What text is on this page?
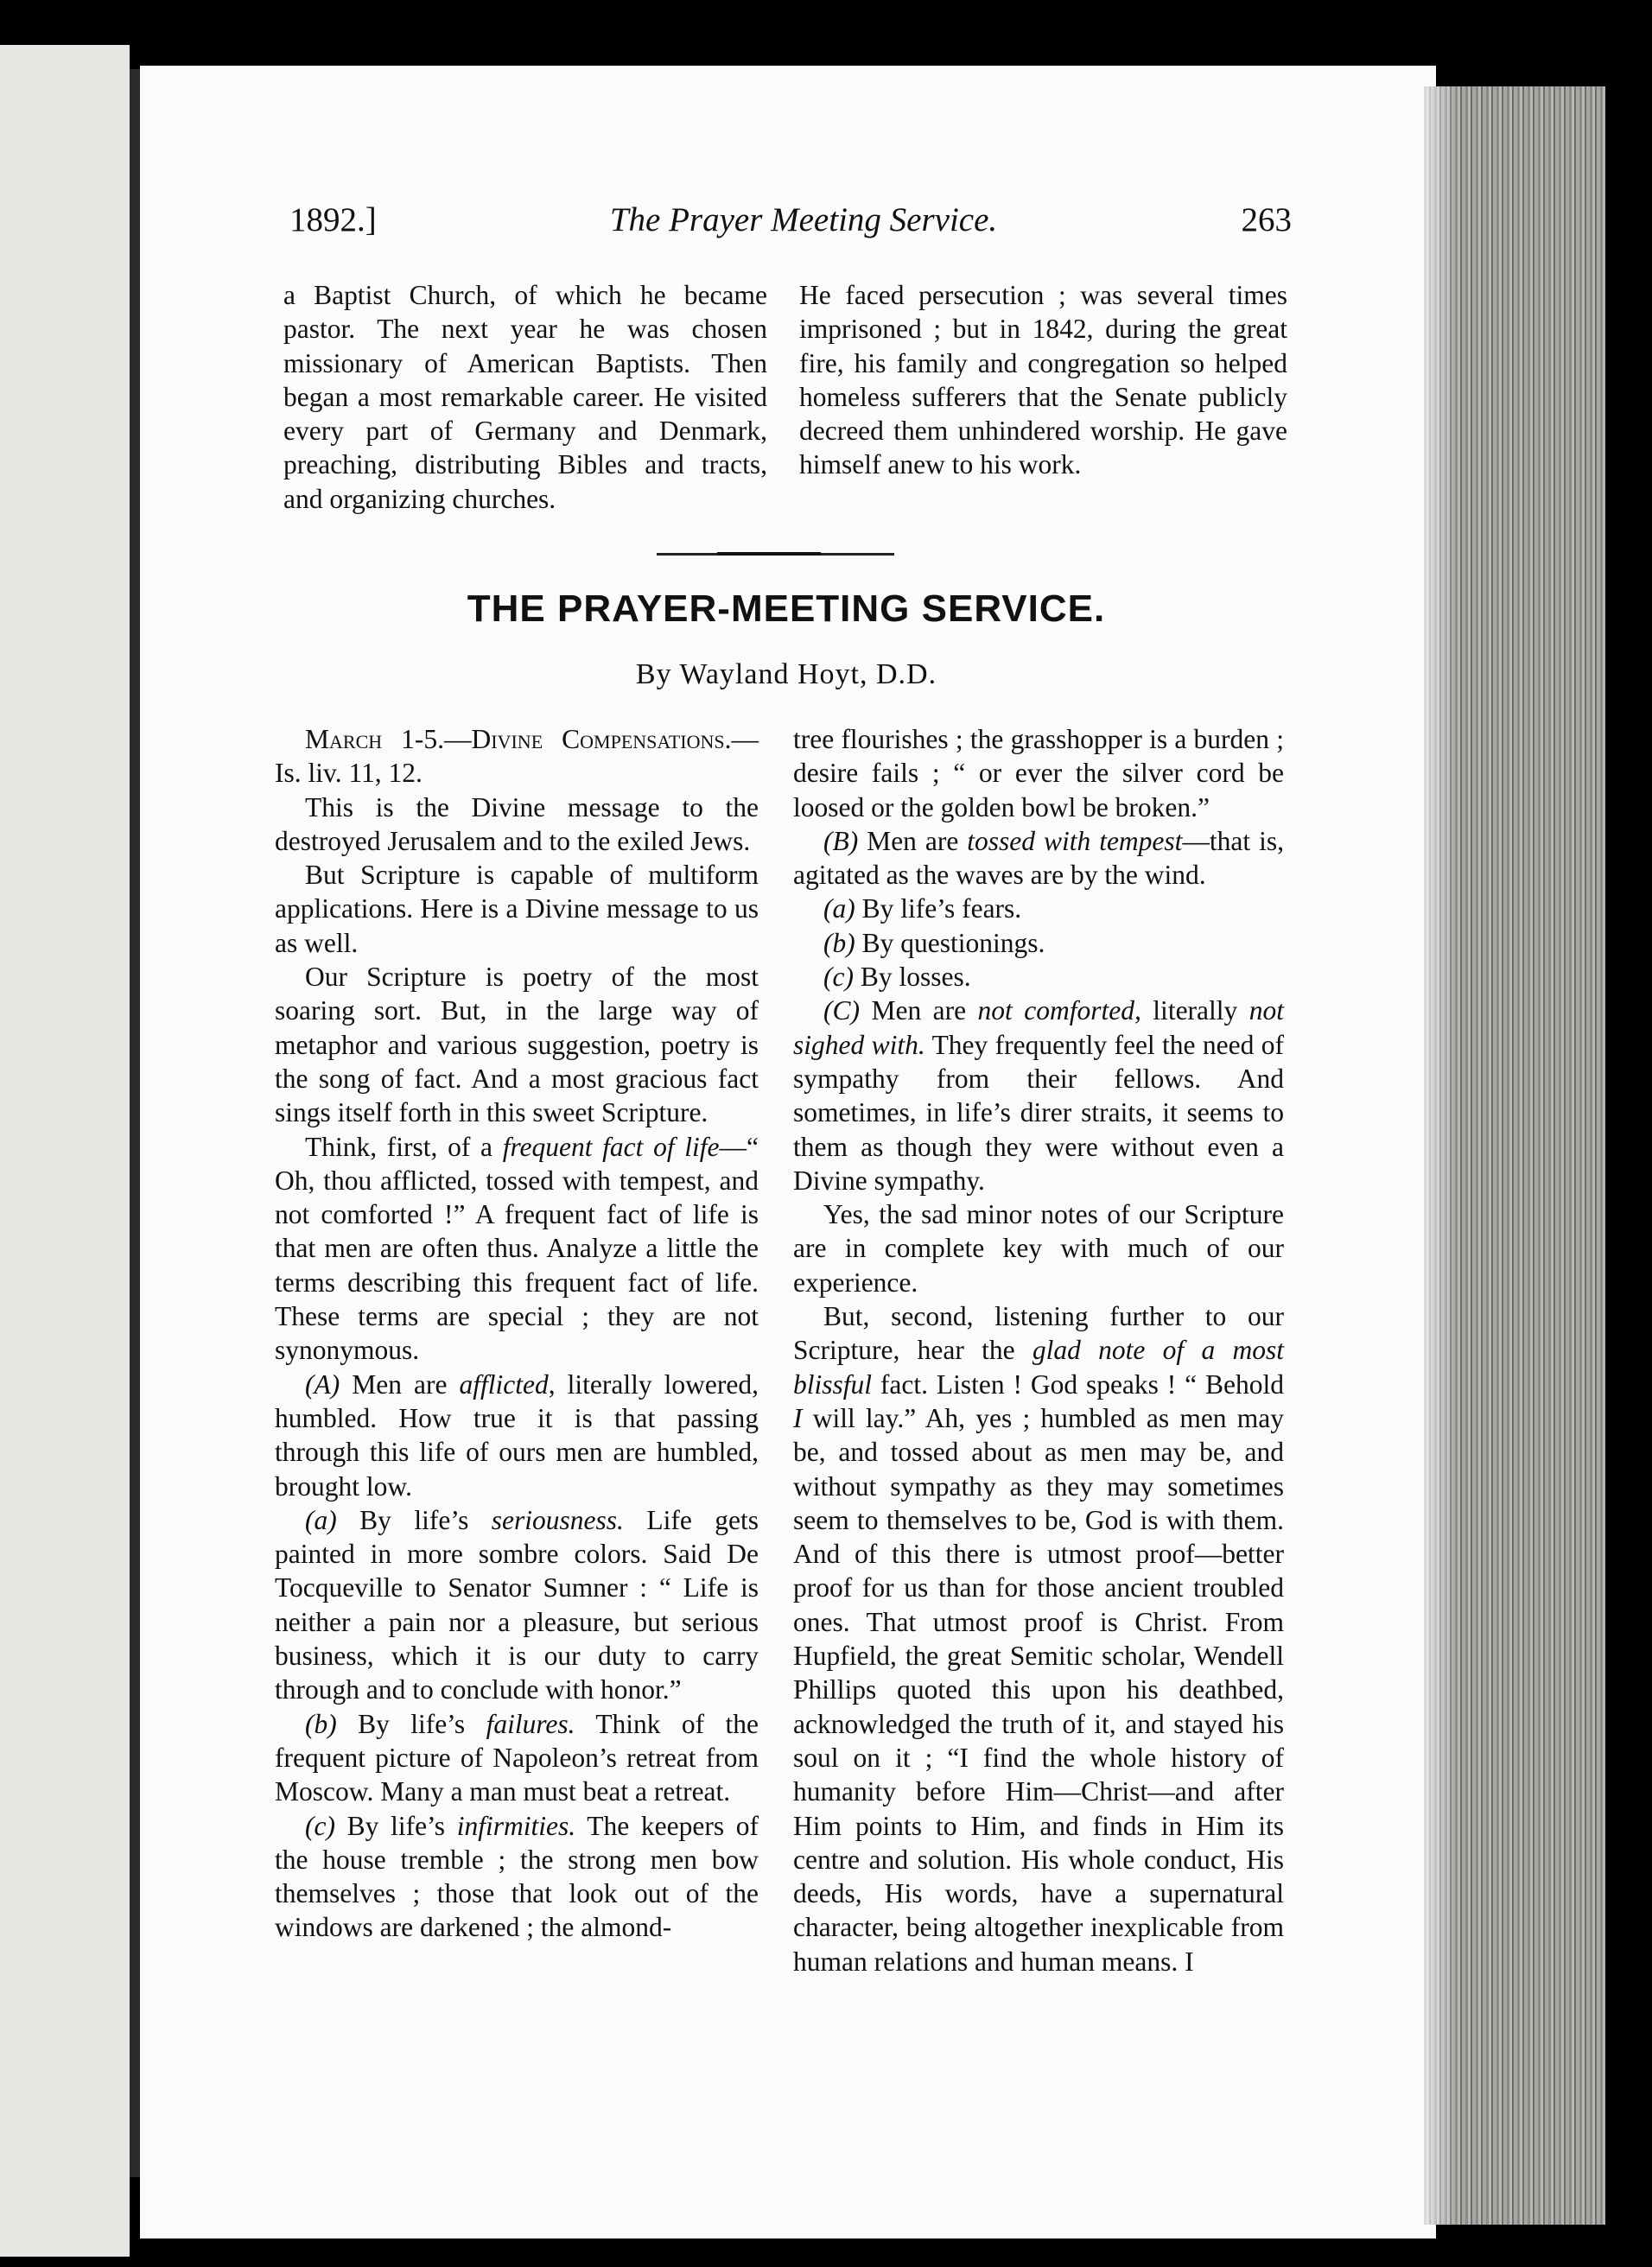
1892.]	The Prayer Meeting Service.	263

a Baptist Church, of which he became pastor. The next year he was chosen missionary of American Baptists. Then began a most remarkable career. He visited every part of Germany and Denmark, preaching, distributing Bibles and tracts, and organizing churches.

He faced persecution ; was several times imprisoned ; but in 1842, during the great fire, his family and congregation so helped homeless sufferers that the Senate publicly decreed them unhindered worship. He gave himself anew to his work.

THE PRAYER-MEETING SERVICE.
By Wayland Hoyt, D.D.

March 1-5.—Divine Compensations.—Is. liv. 11, 12.

This is the Divine message to the destroyed Jerusalem and to the exiled Jews.

But Scripture is capable of multiform applications. Here is a Divine message to us as well.

Our Scripture is poetry of the most soaring sort. But, in the large way of metaphor and various suggestion, poetry is the song of fact. And a most gracious fact sings itself forth in this sweet Scripture.

Think, first, of a frequent fact of life—“ Oh, thou afflicted, tossed with tempest, and not comforted !” A frequent fact of life is that men are often thus. Analyze a little the terms describing this frequent fact of life. These terms are special ; they are not synonymous.

(A) Men are afflicted, literally lowered, humbled. How true it is that passing through this life of ours men are humbled, brought low.

(a) By life’s seriousness. Life gets painted in more sombre colors. Said De Tocqueville to Senator Sumner : “ Life is neither a pain nor a pleasure, but serious business, which it is our duty to carry through and to conclude with honor.”

(b) By life’s failures. Think of the frequent picture of Napoleon’s retreat from Moscow. Many a man must beat a retreat.

(c) By life’s infirmities. The keepers of the house tremble ; the strong men bow themselves ; those that look out of the windows are darkened ; the almond-

tree flourishes ; the grasshopper is a burden ; desire fails ; “ or ever the silver cord be loosed or the golden bowl be broken.”

(B) Men are tossed with tempest—that is, agitated as the waves are by the wind.

(a) By life’s fears.

(b) By questionings.

(c) By losses.

(C) Men are not comforted, literally not sighed with. They frequently feel the need of sympathy from their fellows. And sometimes, in life’s direr straits, it seems to them as though they were without even a Divine sympathy.

Yes, the sad minor notes of our Scripture are in complete key with much of our experience.

But, second, listening further to our Scripture, hear the glad note of a most blissful fact. Listen ! God speaks ! “ Behold I will lay.” Ah, yes ; humbled as men may be, and tossed about as men may be, and without sympathy as they may sometimes seem to themselves to be, God is with them. And of this there is utmost proof—better proof for us than for those ancient troubled ones. That utmost proof is Christ. From Hupfield, the great Semitic scholar, Wendell Phillips quoted this upon his deathbed, acknowledged the truth of it, and stayed his soul on it ; “I find the whole history of humanity before Him—Christ—and after Him points to Him, and finds in Him its centre and solution. His whole conduct, His deeds, His words, have a supernatural character, being altogether inexplicable from human relations and human means. I
